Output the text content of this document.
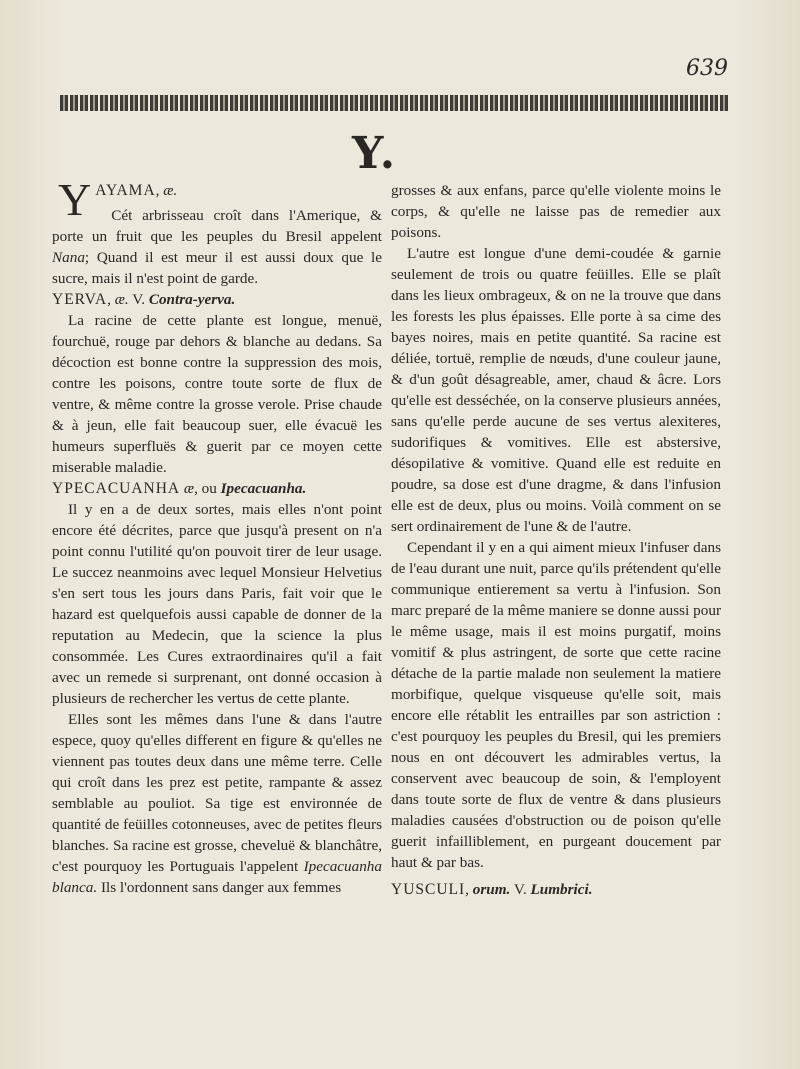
639
Y.
Y AYAMA, æ.

Cét arbrisseau croît dans l'Amerique, & porte un fruit que les peuples du Bresil appelent Nana; Quand il est meur il est aussi doux que le sucre, mais il n'est point de garde.

YERVA, æ. V. Contra-yerva.

La racine de cette plante est longue, menuë, fourchuë, rouge par dehors & blanche au dedans. Sa décoction est bonne contre la suppression des mois, contre les poisons, contre toute sorte de flux de ventre, & même contre la grosse verole. Prise chaude & à jeun, elle fait beaucoup suer, elle évacuë les humeurs superfluës & guerit par ce moyen cette miserable maladie.

YPECACUANHA æ, ou Ipecacuanha.

Il y en a de deux sortes, mais elles n'ont point encore été décrites, parce que jusqu'à present on n'a point connu l'utilité qu'on pouvoit tirer de leur usage. Le succez neanmoins avec lequel Monsieur Helvetius s'en sert tous les jours dans Paris, fait voir que le hazard est quelquefois aussi capable de donner de la reputation au Medecin, que la science la plus consommée. Les Cures extraordinaires qu'il a fait avec un remede si surprenant, ont donné occasion à plusieurs de rechercher les vertus de cette plante.

Elles sont les mêmes dans l'une & dans l'autre espece, quoy qu'elles different en figure & qu'elles ne viennent pas toutes deux dans une même terre. Celle qui croît dans les prez est petite, rampante & assez semblable au pouliot. Sa tige est environnée de quantité de feüilles cotonneuses, avec de petites fleurs blanches. Sa racine est grosse, cheveluë & blanchâtre, c'est pourquoy les Portuguais l'appelent Ipecacuanha blanca. Ils l'ordonnent sans danger aux femmes

grosses & aux enfans, parce qu'elle violente moins le corps, & qu'elle ne laisse pas de remedier aux poisons.

L'autre est longue d'une demi-coudée & garnie seulement de trois ou quatre feüilles. Elle se plaît dans les lieux ombrageux, & on ne la trouve que dans les forests les plus épaisses. Elle porte à sa cime des bayes noires, mais en petite quantité. Sa racine est déliée, tortuë, remplie de nœuds, d'une couleur jaune, & d'un goût désagreable, amer, chaud & âcre. Lors qu'elle est desséchée, on la conserve plusieurs années, sans qu'elle perde aucune de ses vertus alexiteres, sudorifiques & vomitives. Elle est abstersive, désopilative & vomitive. Quand elle est reduite en poudre, sa dose est d'une dragme, & dans l'infusion elle est de deux, plus ou moins. Voilà comment on se sert ordinairement de l'une & de l'autre.

Cependant il y en a qui aiment mieux l'infuser dans de l'eau durant une nuit, parce qu'ils prétendent qu'elle communique entierement sa vertu à l'infusion. Son marc preparé de la même maniere se donne aussi pour le même usage, mais il est moins purgatif, moins vomitif & plus astringent, de sorte que cette racine détache de la partie malade non seulement la matiere morbifique, quelque visqueuse qu'elle soit, mais encore elle rétablit les entrailles par son astriction : c'est pourquoy les peuples du Bresil, qui les premiers nous en ont découvert les admirables vertus, la conservent avec beaucoup de soin, & l'employent dans toute sorte de flux de ventre & dans plusieurs maladies causées d'obstruction ou de poison qu'elle guerit infailliblement, en purgeant doucement par haut & par bas.

YUSCULI, orum. V. Lumbrici.
